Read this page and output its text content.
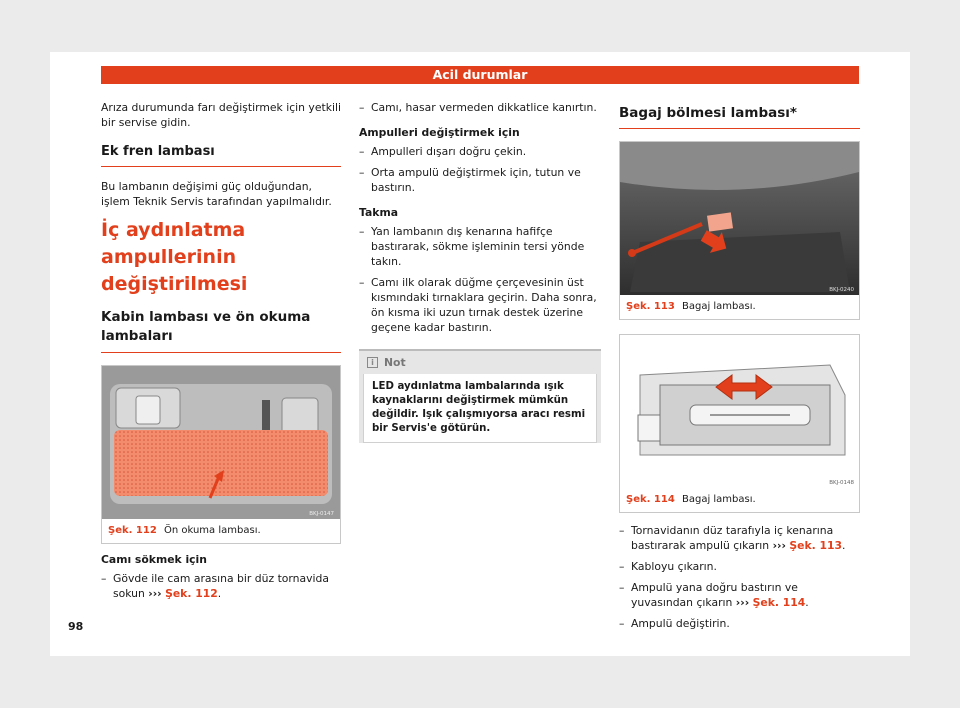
Acil durumlar

Arıza durumunda farı değiştirmek için yetkili bir servise gidin.

Ek fren lambası

Bu lambanın değişimi güç olduğundan, işlem Teknik Servis tarafından yapılmalıdır.

İç aydınlatma ampullerinin değiştirilmesi
Kabin lambası ve ön okuma lambaları
BKJ-0147
Şek. 112 Ön okuma lambası.

Camı sökmek için

– Gövde ile cam arasına bir düz tornavida sokun ››› Şek. 112.
– Camı, hasar vermeden dikkatlice kanırtın.

Ampulleri değiştirmek için

– Ampulleri dışarı doğru çekin.
– Orta ampulü değiştirmek için, tutun ve bastırın.

Takma

– Yan lambanın dış kenarına hafifçe bastırarak, sökme işleminin tersi yönde takın.
– Camı ilk olarak düğme çerçevesinin üst kısmındaki tırnaklara geçirin. Daha sonra, ön kısma iki uzun tırnak destek üzerine geçene kadar bastırın.
i Not
LED aydınlatma lambalarında ışık kaynaklarını değiştirmek mümkün değildir. Işık çalışmıyorsa aracı resmi bir Servis'e götürün.
Bagaj bölmesi lambası*
BKJ-0240
Şek. 113 Bagaj lambası.
BKJ-0148
Şek. 114 Bagaj lambası.
– Tornavidanın düz tarafıyla iç kenarına bastırarak ampulü çıkarın ››› Şek. 113.
– Kabloyu çıkarın.
– Ampulü yana doğru bastırın ve yuvasından çıkarın ››› Şek. 114.
– Ampulü değiştirin.
98
